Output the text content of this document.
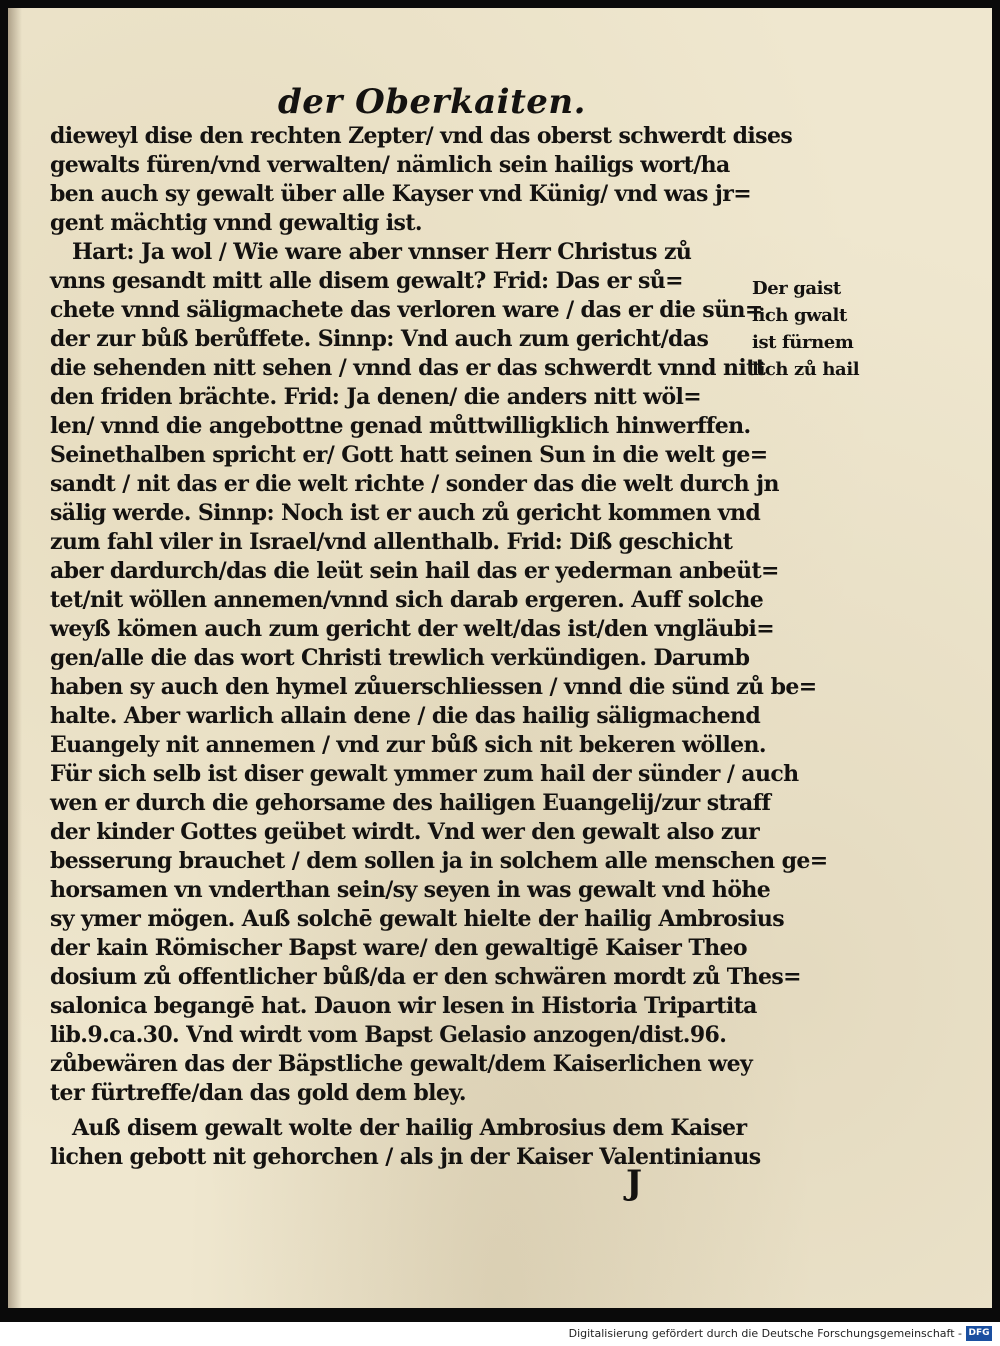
der Oberkaiten.
dieweyl dise den rechten Zepter/ vnd das oberst schwerdt dises
gewalts füren/vnd verwalten/ nämlich sein hailigs wort/ha
ben auch sy gewalt über alle Kayser vnd Künig/ vnd was jr=
gent mächtig vnnd gewaltig ist.
Hart: Ja wol / Wie ware aber vnnser Herr Christus zů
vnns gesandt mitt alle disem gewalt? Frid: Das er sů=
chete vnnd säligmachete das verloren ware / das er die sün=
der zur bůß berůffete. Sinnp: Vnd auch zum gericht/das
die sehenden nitt sehen / vnnd das er das schwerdt vnnd nitt
den friden brächte. Frid: Ja denen/ die anders nitt wöl=
len/ vnnd die angebottne genad můttwilligklich hinwerffen.
Seinethalben spricht er/ Gott hatt seinen Sun in die welt ge=
sandt / nit das er die welt richte / sonder das die welt durch jn
sälig werde. Sinnp: Noch ist er auch zů gericht kommen vnd
zum fahl viler in Israel/vnd allenthalb. Frid: Diß geschicht
aber dardurch/das die leüt sein hail das er yederman anbeüt=
tet/nit wöllen annemen/vnnd sich darab ergeren. Auff solche
weyß kömen auch zum gericht der welt/das ist/den vngläubi=
gen/alle die das wort Christi trewlich verkündigen. Darumb
haben sy auch den hymel zůuerschliessen / vnnd die sünd zů be=
halte. Aber warlich allain dene / die das hailig säligmachend
Euangely nit annemen / vnd zur bůß sich nit bekeren wöllen.
Für sich selb ist diser gewalt ymmer zum hail der sünder / auch
wen er durch die gehorsame des hailigen Euangelij/zur straff
der kinder Gottes geübet wirdt. Vnd wer den gewalt also zur
besserung brauchet / dem sollen ja in solchem alle menschen ge=
horsamen vn vnderthan sein/sy seyen in was gewalt vnd höhe
sy ymer mögen. Auß solchē gewalt hielte der hailig Ambrosius
der kain Römischer Bapst ware/ den gewaltigē Kaiser Theo
dosium zů offentlicher bůß/da er den schwären mordt zů Thes=
salonica begangē hat. Dauon wir lesen in Historia Tripartita
lib.9.ca.30. Vnd wirdt vom Bapst Gelasio anzogen/dist.96.
zůbewären das der Bäpstliche gewalt/dem Kaiserlichen wey
ter fürtreffe/dan das gold dem bley.
Auß disem gewalt wolte der hailig Ambrosius dem Kaiser
lichen gebott nit gehorchen / als jn der Kaiser Valentinianus
Der gaist
lich gwalt
ist fürnem
lich zů hail
J
Digitalisierung gefördert durch die Deutsche Forschungsgemeinschaft - DFG
